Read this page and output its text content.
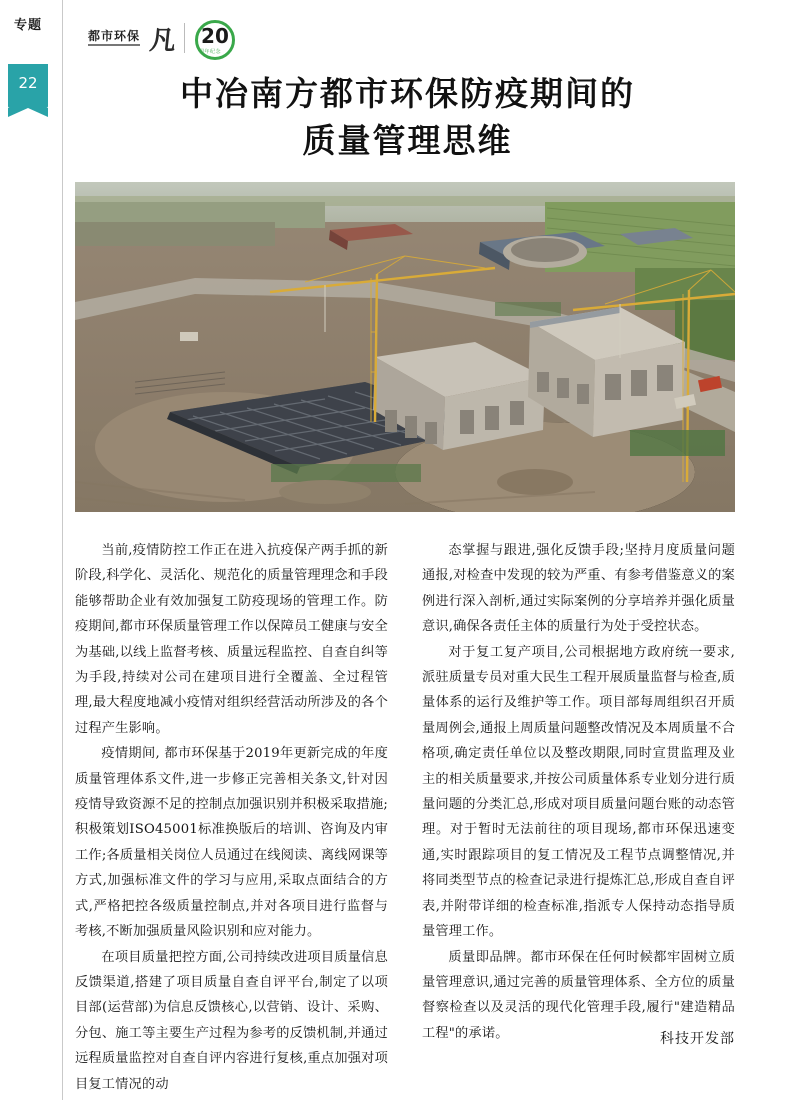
专题
22
都市环保 凡 20
周年纪念
中冶南方都市环保防疫期间的
质量管理思维

当前,疫情防控工作正在进入抗疫保产两手抓的新阶段,科学化、灵活化、规范化的质量管理理念和手段能够帮助企业有效加强复工防疫现场的管理工作。防疫期间,都市环保质量管理工作以保障员工健康与安全为基础,以线上监督考核、质量远程监控、自查自纠等为手段,持续对公司在建项目进行全覆盖、全过程管理,最大程度地减小疫情对组织经营活动所涉及的各个过程产生影响。

疫情期间, 都市环保基于2019年更新完成的年度质量管理体系文件,进一步修正完善相关条文,针对因疫情导致资源不足的控制点加强识别并积极采取措施;积极策划ISO45001标准换版后的培训、咨询及内审工作;各质量相关岗位人员通过在线阅读、离线网课等方式,加强标准文件的学习与应用,采取点面结合的方式,严格把控各级质量控制点,并对各项目进行监督与考核,不断加强质量风险识别和应对能力。

在项目质量把控方面,公司持续改进项目质量信息反馈渠道,搭建了项目质量自查自评平台,制定了以项目部(运营部)为信息反馈核心,以营销、设计、采购、分包、施工等主要生产过程为参考的反馈机制,并通过远程质量监控对自查自评内容进行复核,重点加强对项目复工情况的动

态掌握与跟进,强化反馈手段;坚持月度质量问题通报,对检查中发现的较为严重、有参考借鉴意义的案例进行深入剖析,通过实际案例的分享培养并强化质量意识,确保各责任主体的质量行为处于受控状态。

对于复工复产项目,公司根据地方政府统一要求,派驻质量专员对重大民生工程开展质量监督与检查,质量体系的运行及维护等工作。项目部每周组织召开质量周例会,通报上周质量问题整改情况及本周质量不合格项,确定责任单位以及整改期限,同时宣贯监理及业主的相关质量要求,并按公司质量体系专业划分进行质量问题的分类汇总,形成对项目质量问题台账的动态管理。对于暂时无法前往的项目现场,都市环保迅速变通,实时跟踪项目的复工情况及工程节点调整情况,并将同类型节点的检查记录进行提炼汇总,形成自查自评表,并附带详细的检查标准,指派专人保持动态指导质量管理工作。

质量即品牌。都市环保在任何时候都牢固树立质量管理意识,通过完善的质量管理体系、全方位的质量督察检查以及灵活的现代化管理手段,履行"建造精品工程"的承诺。	科技开发部
